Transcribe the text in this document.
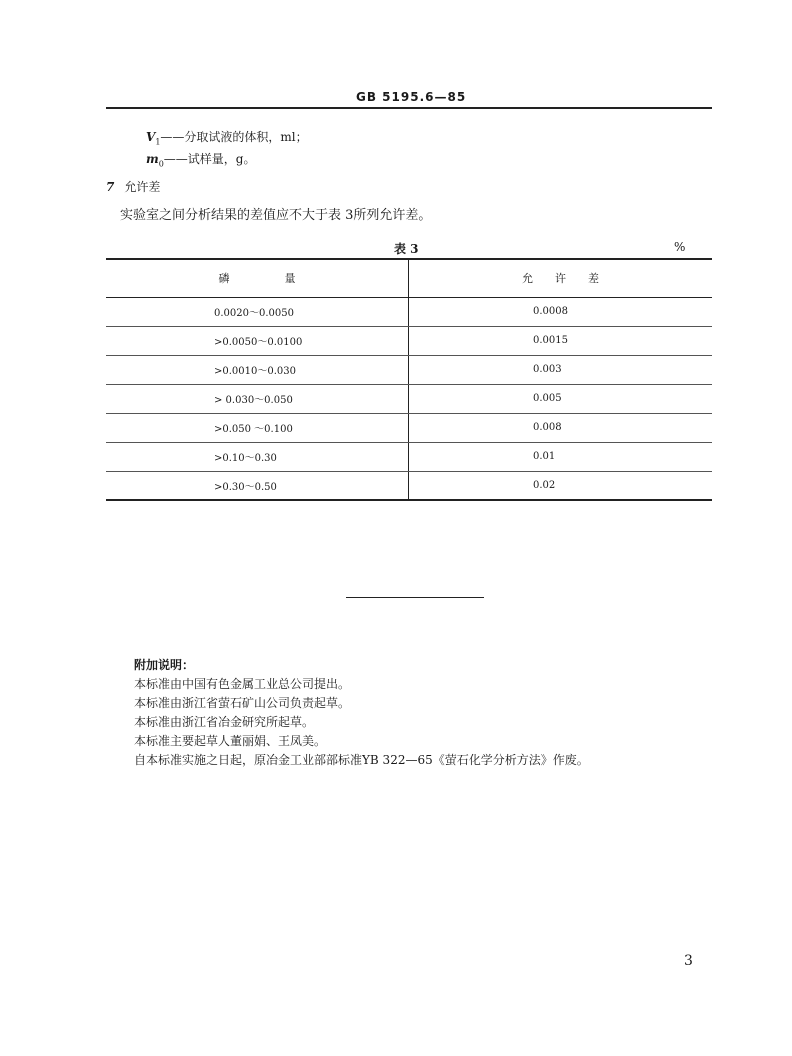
GB 5195.6—85
$V_1——$分取试液的体积，ml；
$m_0——$试样量，g。
7 允许差
实验室之间分析结果的差值应不大于表 3所列允许差。
表 3	%
磷　　　　　量	允　　许　　差
0.0020～0.0050	0.0008
>0.0050～0.0100	0.0015
>0.0010～0.030	0.003
> 0.030～0.050	0.005
>0.050 ～0.100	0.008
>0.10～0.30	0.01
>0.30～0.50	0.02
附加说明：
本标准由中国有色金属工业总公司提出。
本标准由浙江省萤石矿山公司负责起草。
本标准由浙江省冶金研究所起草。
本标准主要起草人董丽娟、王凤美。
自本标准实施之日起，原冶金工业部部标准YB 322—65《萤石化学分析方法》作废。
3
